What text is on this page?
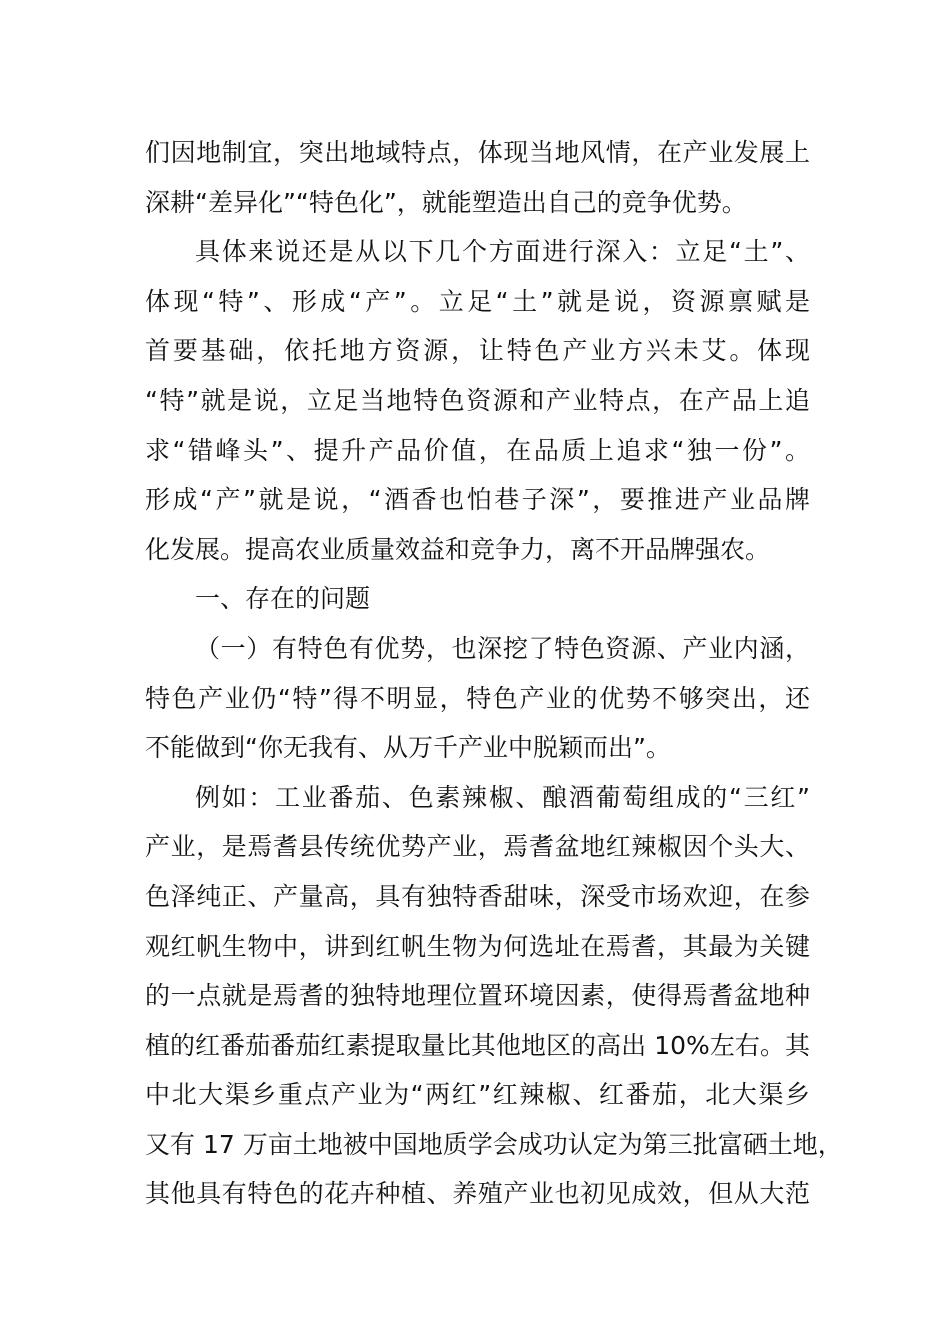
们因地制宜，突出地域特点，体现当地风情，在产业发展上
深耕“差异化”“特色化”，就能塑造出自己的竞争优势。
具体来说还是从以下几个方面进行深入：立足“土”、
体现“特”、形成“产”。立足“土”就是说，资源禀赋是
首要基础，依托地方资源，让特色产业方兴未艾。体现
“特”就是说，立足当地特色资源和产业特点，在产品上追
求“错峰头”、提升产品价值，在品质上追求“独一份”。
形成“产”就是说，“酒香也怕巷子深”，要推进产业品牌
化发展。提高农业质量效益和竞争力，离不开品牌强农。
一、存在的问题
（一）有特色有优势，也深挖了特色资源、产业内涵，
特色产业仍“特”得不明显，特色产业的优势不够突出，还
不能做到“你无我有、从万千产业中脱颖而出”。
例如：工业番茄、色素辣椒、酿酒葡萄组成的“三红”
产业，是焉耆县传统优势产业，焉耆盆地红辣椒因个头大、
色泽纯正、产量高，具有独特香甜味，深受市场欢迎，在参
观红帆生物中，讲到红帆生物为何选址在焉耆，其最为关键
的一点就是焉耆的独特地理位置环境因素，使得焉耆盆地种
植的红番茄番茄红素提取量比其他地区的高出 10%左右。其
中北大渠乡重点产业为“两红”红辣椒、红番茄，北大渠乡
又有 17 万亩土地被中国地质学会成功认定为第三批富硒土地，
其他具有特色的花卉种植、养殖产业也初见成效，但从大范
